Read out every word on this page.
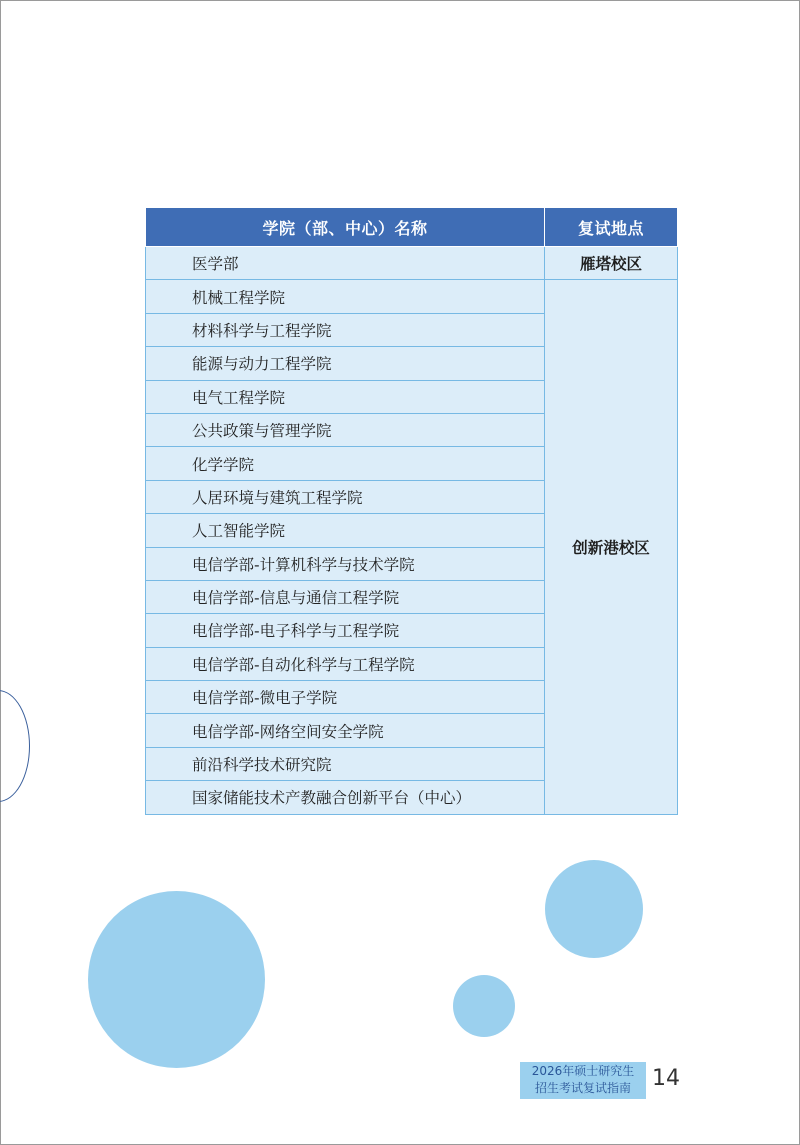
学院（部、中心）名称	复试地点
医学部	雁塔校区
机械工程学院	创新港校区
材料科学与工程学院	
能源与动力工程学院	
电气工程学院	
公共政策与管理学院	
化学学院	
人居环境与建筑工程学院	
人工智能学院	
电信学部-计算机科学与技术学院	
电信学部-信息与通信工程学院	
电信学部-电子科学与工程学院	
电信学部-自动化科学与工程学院	
电信学部-微电子学院	
电信学部-网络空间安全学院	
前沿科学技术研究院	
国家储能技术产教融合创新平台（中心）	
2026年硕士研究生
招生考试复试指南 14
